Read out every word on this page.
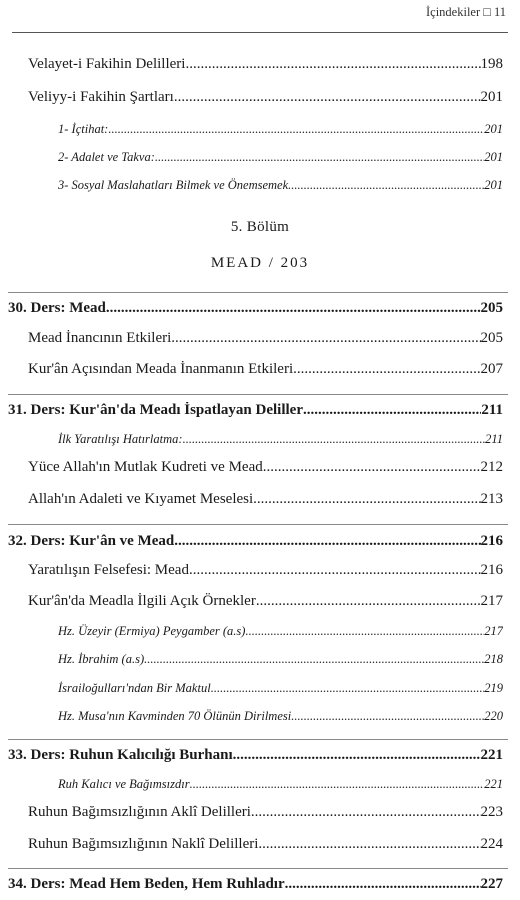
İçindekiler □ 11
Velayet-i Fakihin Delilleri .....	198
Veliyy-i Fakihin Şartları .....	201
1- İçtihat: .....	201
2- Adalet ve Takva: .....	201
3- Sosyal Maslahatları Bilmek ve Önemsemek .....	201
5. Bölüm
MEAD / 203
30. Ders: Mead .....	205
Mead İnancının Etkileri .....	205
Kur'ân Açısından Meada İnanmanın Etkileri .....	207
31. Ders: Kur'ân'da Meadı İspatlayan Deliller .....	211
İlk Yaratılışı Hatırlatma: .....	211
Yüce Allah'ın Mutlak Kudreti ve Mead .....	212
Allah'ın Adaleti ve Kıyamet Meselesi .....	213
32. Ders: Kur'ân ve Mead .....	216
Yaratılışın Felsefesi: Mead .....	216
Kur'ân'da Meadla İlgili Açık Örnekler .....	217
Hz. Üzeyir (Ermiya) Peygamber (a.s) .....	217
Hz. İbrahim (a.s) .....	218
İsrailoğulları'ndan Bir Maktul .....	219
Hz. Musa'nın Kavminden 70 Ölünün Dirilmesi .....	220
33. Ders: Ruhun Kalıcılığı Burhanı .....	221
Ruh Kalıcı ve Bağımsızdır .....	221
Ruhun Bağımsızlığının Aklî Delilleri .....	223
Ruhun Bağımsızlığının Naklî Delilleri .....	224
34. Ders: Mead Hem Beden, Hem Ruhladır .....	227
